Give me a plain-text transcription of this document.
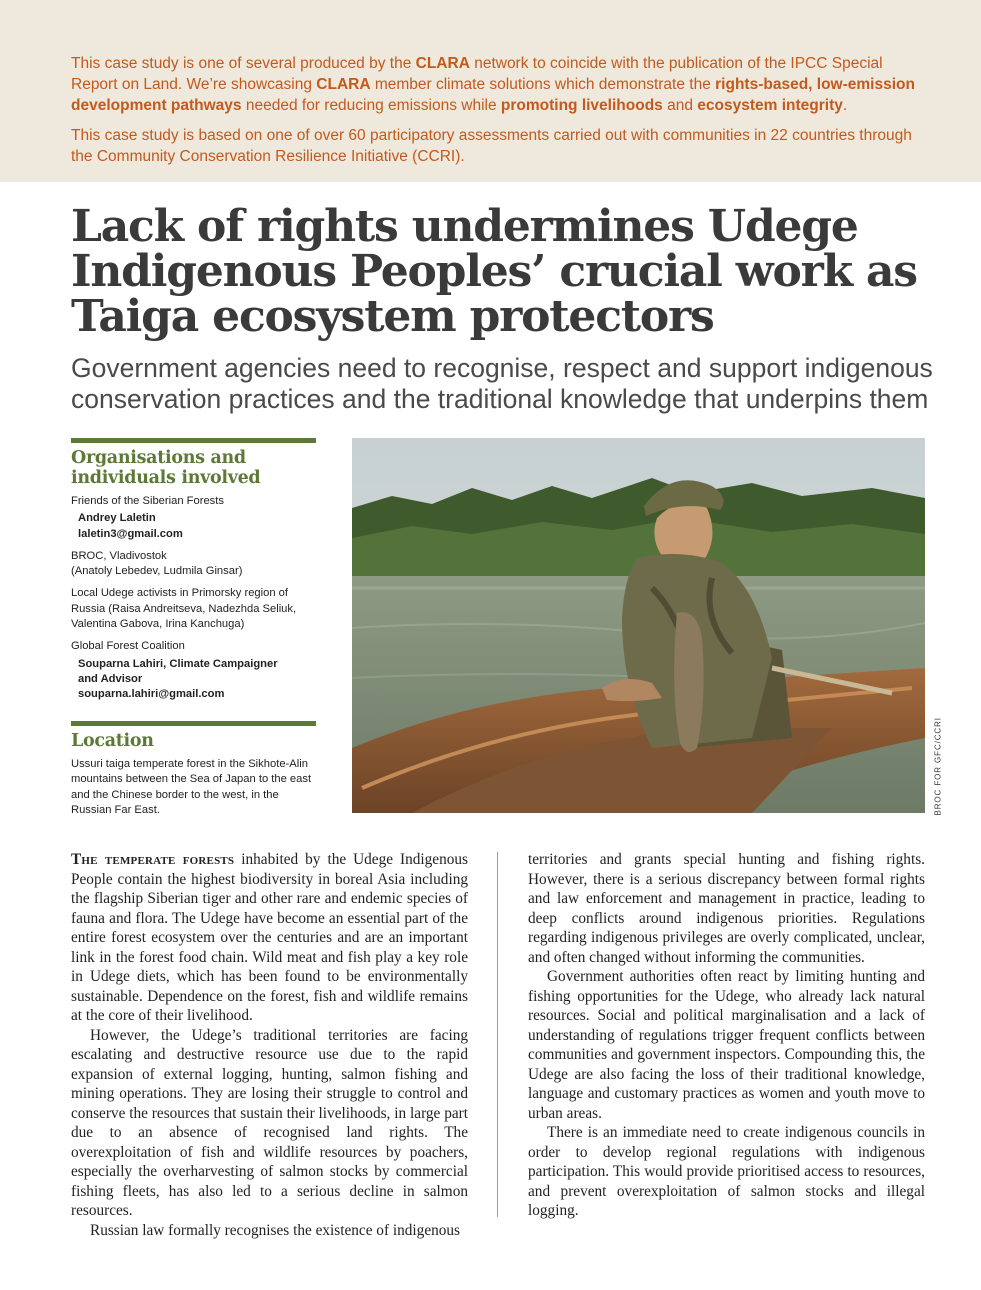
This case study is one of several produced by the CLARA network to coincide with the publication of the IPCC Special Report on Land. We’re showcasing CLARA member climate solutions which demonstrate the rights-based, low-emission development pathways needed for reducing emissions while promoting livelihoods and ecosystem integrity.

This case study is based on one of over 60 participatory assessments carried out with communities in 22 countries through the Community Conservation Resilience Initiative (CCRI).

Lack of rights undermines Udege Indigenous Peoples’ crucial work as Taiga ecosystem protectors
Government agencies need to recognise, respect and support indigenous conservation practices and the traditional knowledge that underpins them
Organisations and
individuals involved
Friends of the Siberian Forests
Andrey Laletin
laletin3@gmail.com
BROC, Vladivostok
(Anatoly Lebedev, Ludmila Ginsar)
Local Udege activists in Primorsky region of Russia (Raisa Andreitseva, Nadezhda Seliuk, Valentina Gabova, Irina Kanchuga)
Global Forest Coalition
Souparna Lahiri, Climate Campaigner and Advisor
souparna.lahiri@gmail.com
Location
Ussuri taiga temperate forest in the Sikhote-Alin mountains between the Sea of Japan to the east and the Chinese border to the west, in the Russian Far East.	BROC FOR GFC/CCRI

The temperate forests inhabited by the Udege Indigenous People contain the highest biodiversity in boreal Asia including the flagship Siberian tiger and other rare and endemic species of fauna and flora. The Udege have become an essential part of the entire forest ecosystem over the centuries and are an important link in the forest food chain. Wild meat and fish play a key role in Udege diets, which has been found to be environmentally sustainable. Dependence on the forest, fish and wildlife remains at the core of their livelihood.

However, the Udege’s traditional territories are facing escalating and destructive resource use due to the rapid expansion of external logging, hunting, salmon fishing and mining operations. They are losing their struggle to control and conserve the resources that sustain their livelihoods, in large part due to an absence of recognised land rights. The overexploitation of fish and wildlife resources by poachers, especially the overharvesting of salmon stocks by commercial fishing fleets, has also led to a serious decline in salmon resources.

Russian law formally recognises the existence of indigenous

territories and grants special hunting and fishing rights. However, there is a serious discrepancy between formal rights and law enforcement and management in practice, leading to deep conflicts around indigenous priorities. Regulations regarding indigenous privileges are overly complicated, unclear, and often changed without informing the communities.

Government authorities often react by limiting hunting and fishing opportunities for the Udege, who already lack natural resources. Social and political marginalisation and a lack of understanding of regulations trigger frequent conflicts between communities and government inspectors. Compounding this, the Udege are also facing the loss of their traditional knowledge, language and customary practices as women and youth move to urban areas.

There is an immediate need to create indigenous councils in order to develop regional regulations with indigenous participation. This would provide prioritised access to resources, and prevent overexploitation of salmon stocks and illegal logging.
